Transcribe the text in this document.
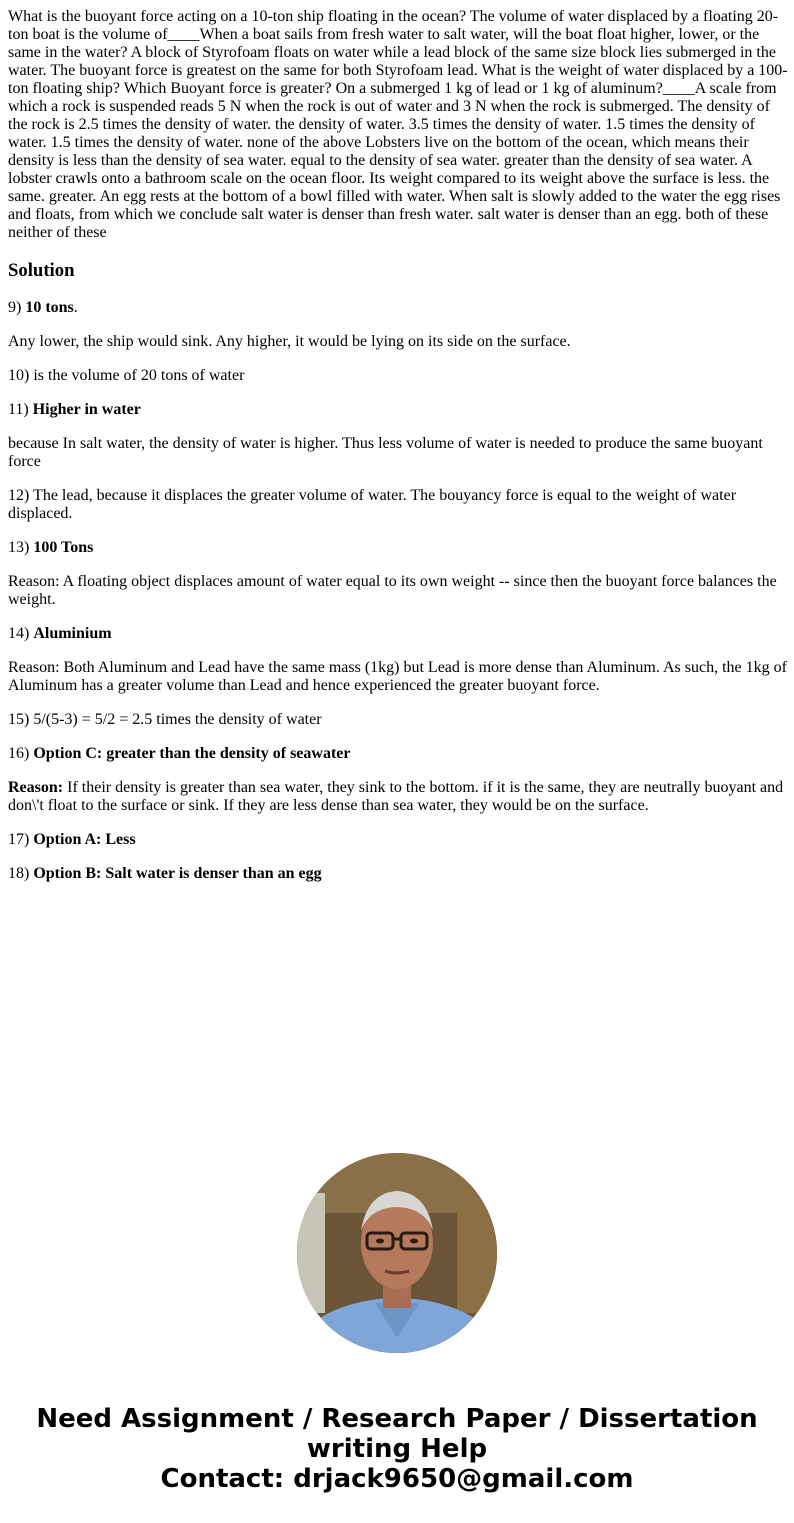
What is the buoyant force acting on a 10-ton ship floating in the ocean? The volume of water displaced by a floating 20-ton boat is the volume of____When a boat sails from fresh water to salt water, will the boat float higher, lower, or the same in the water? A block of Styrofoam floats on water while a lead block of the same size block lies submerged in the water. The buoyant force is greatest on the same for both Styrofoam lead. What is the weight of water displaced by a 100-ton floating ship? Which Buoyant force is greater? On a submerged 1 kg of lead or 1 kg of aluminum?____A scale from which a rock is suspended reads 5 N when the rock is out of water and 3 N when the rock is submerged. The density of the rock is 2.5 times the density of water. the density of water. 3.5 times the density of water. 1.5 times the density of water. 1.5 times the density of water. none of the above Lobsters live on the bottom of the ocean, which means their density is less than the density of sea water. equal to the density of sea water. greater than the density of sea water. A lobster crawls onto a bathroom scale on the ocean floor. Its weight compared to its weight above the surface is less. the same. greater. An egg rests at the bottom of a bowl filled with water. When salt is slowly added to the water the egg rises and floats, from which we conclude salt water is denser than fresh water. salt water is denser than an egg. both of these neither of these
Solution

9) 10 tons.

Any lower, the ship would sink. Any higher, it would be lying on its side on the surface.

10) is the volume of 20 tons of water

11) Higher in water

because In salt water, the density of water is higher. Thus less volume of water is needed to produce the same buoyant force

12) The lead, because it displaces the greater volume of water. The bouyancy force is equal to the weight of water displaced.

13) 100 Tons

Reason: A floating object displaces amount of water equal to its own weight -- since then the buoyant force balances the weight.

14) Aluminium

Reason: Both Aluminum and Lead have the same mass (1kg) but Lead is more dense than Aluminum. As such, the 1kg of Aluminum has a greater volume than Lead and hence experienced the greater buoyant force.

15) 5/(5-3) = 5/2 = 2.5 times the density of water

16) Option C: greater than the density of seawater

Reason: If their density is greater than sea water, they sink to the bottom. if it is the same, they are neutrally buoyant and don\'t float to the surface or sink. If they are less dense than sea water, they would be on the surface.

17) Option A: Less

18) Option B: Salt water is denser than an egg

Need Assignment / Research Paper / Dissertation
writing Help
Contact: drjack9650@gmail.com
